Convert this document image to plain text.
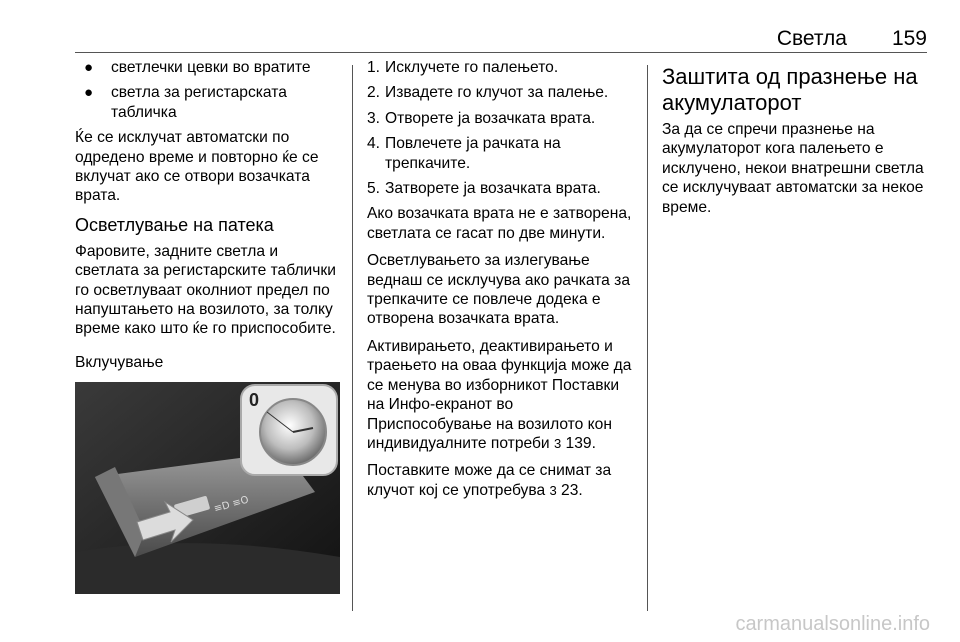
Светла 159
● светлечки цевки во вратите
● светла за регистарската табличка

Ќе се исклучат автоматски по одредено време и повторно ќе се вклучат ако се отвори возачката врата.

Осветлување на патека

Фаровите, задните светла и светлата за регистарските таблички го осветлуваат околниот предел по напуштањето на возилото, за толку време како што ќе го приспособите.

Вклучување

≡D ≡O
0
1. Исклучете го палењето.
2. Извадете го клучот за палење.
3. Отворете ја возачката врата.
4. Повлечете ја рачката на трепкачите.
5. Затворете ја возачката врата.

Ако возачката врата не е затворена, светлата се гасат по две минути.

Осветлувањето за излегување веднаш се исклучува ако рачката за трепкачите се повлече додека е отворена возачката врата.

Активирањето, деактивирањето и траењето на оваа функција може да се менува во изборникот Поставки на Инфо-екранот во Приспособување на возилото кон индивидуалните потреби 3 139.

Поставките може да се снимат за клучот кој се употребува 3 23.

Заштита од празнење на акумулаторот

За да се спречи празнење на акумулаторот кога палењето е исклучено, некои внатрешни светла се исклучуваат автоматски за некое време.

carmanualsonline.info
